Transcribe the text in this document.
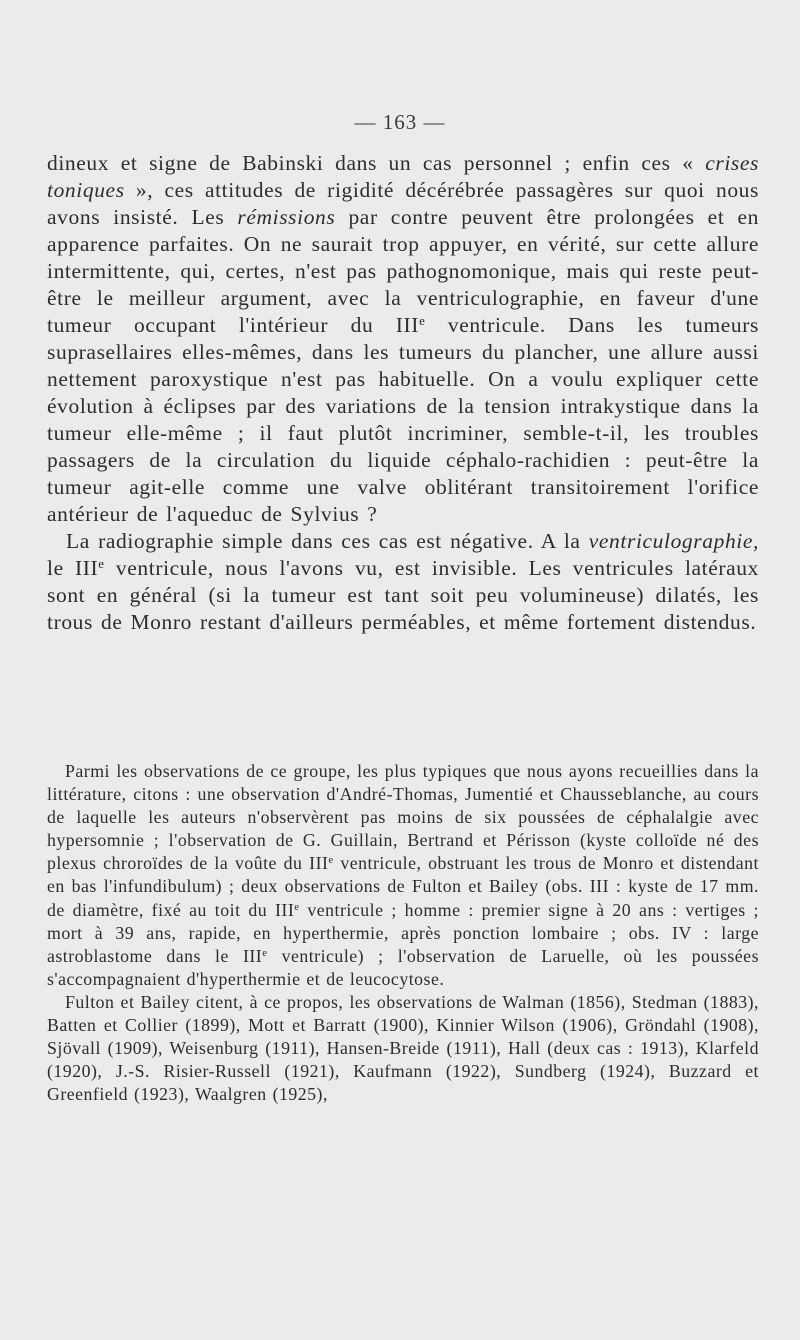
— 163 —

dineux et signe de Babinski dans un cas personnel ; enfin ces « crises toniques », ces attitudes de rigidité décérébrée passagères sur quoi nous avons insisté. Les rémissions par contre peuvent être prolongées et en apparence parfaites. On ne saurait trop appuyer, en vérité, sur cette allure intermittente, qui, certes, n'est pas pathognomonique, mais qui reste peut-être le meilleur argument, avec la ventriculographie, en faveur d'une tumeur occupant l'intérieur du IIIe ventricule. Dans les tumeurs suprasellaires elles-mêmes, dans les tumeurs du plancher, une allure aussi nettement paroxystique n'est pas habituelle. On a voulu expliquer cette évolution à éclipses par des variations de la tension intrakystique dans la tumeur elle-même ; il faut plutôt incriminer, semble-t-il, les troubles passagers de la circulation du liquide céphalo-rachidien : peut-être la tumeur agit-elle comme une valve oblitérant transitoirement l'orifice antérieur de l'aqueduc de Sylvius ?

La radiographie simple dans ces cas est négative. A la ventriculographie, le IIIe ventricule, nous l'avons vu, est invisible. Les ventricules latéraux sont en général (si la tumeur est tant soit peu volumineuse) dilatés, les trous de Monro restant d'ailleurs perméables, et même fortement distendus.

Parmi les observations de ce groupe, les plus typiques que nous ayons recueillies dans la littérature, citons : une observation d'André-Thomas, Jumentié et Chausseblanche, au cours de laquelle les auteurs n'observèrent pas moins de six poussées de céphalalgie avec hypersomnie ; l'observation de G. Guillain, Bertrand et Périsson (kyste colloïde né des plexus chroroïdes de la voûte du IIIe ventricule, obstruant les trous de Monro et distendant en bas l'infundibulum) ; deux observations de Fulton et Bailey (obs. III : kyste de 17 mm. de diamètre, fixé au toit du IIIe ventricule ; homme : premier signe à 20 ans : vertiges ; mort à 39 ans, rapide, en hyperthermie, après ponction lombaire ; obs. IV : large astroblastome dans le IIIe ventricule) ; l'observation de Laruelle, où les poussées s'accompagnaient d'hyperthermie et de leucocytose.

Fulton et Bailey citent, à ce propos, les observations de Walman (1856), Stedman (1883), Batten et Collier (1899), Mott et Barratt (1900), Kinnier Wilson (1906), Gröndahl (1908), Sjövall (1909), Weisenburg (1911), Hansen-Breide (1911), Hall (deux cas : 1913), Klarfeld (1920), J.-S. Risier-Russell (1921), Kaufmann (1922), Sundberg (1924), Buzzard et Greenfield (1923), Waalgren (1925),
